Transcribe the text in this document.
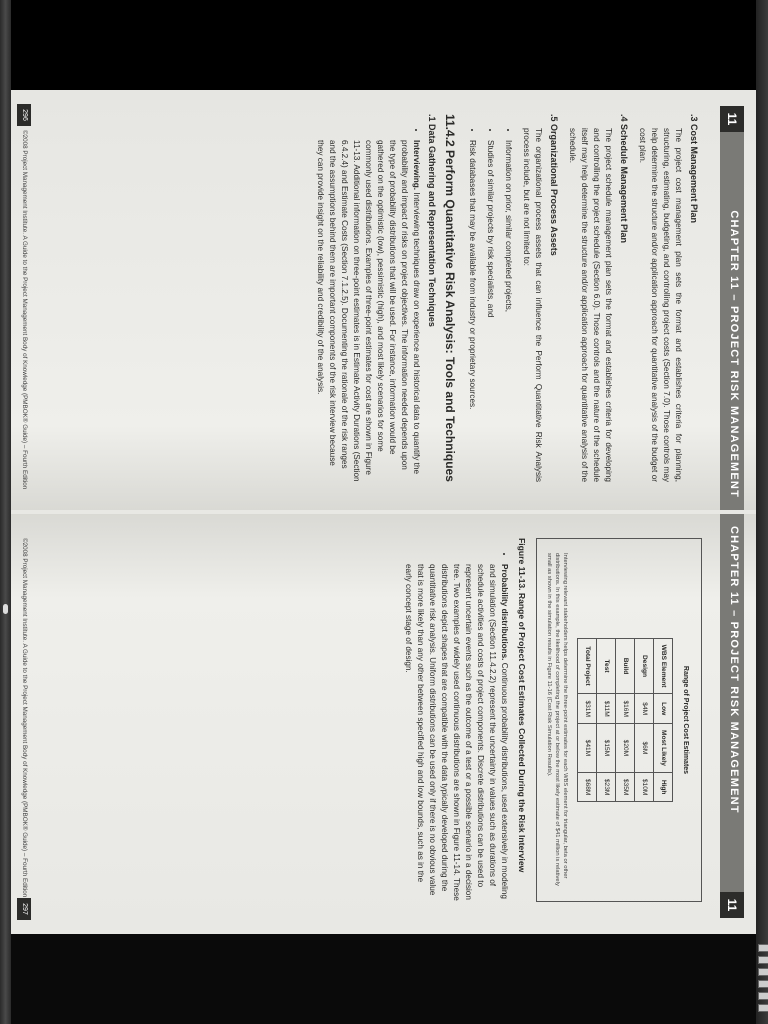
11
CHAPTER 11 – PROJECT RISK MANAGEMENT
.3 Cost Management Plan

The project cost management plan sets the format and establishes criteria for planning, structuring, estimating, budgeting, and controlling project costs (Section 7.0). Those controls may help determine the structure and/or application approach for quantitative analysis of the budget or cost plan.

.4 Schedule Management Plan

The project schedule management plan sets the format and establishes criteria for developing and controlling the project schedule (Section 6.0). Those controls and the nature of the schedule itself may help determine the structure and/or application approach for quantitative analysis of the schedule.

.5 Organizational Process Assets

The organizational process assets that can influence the Perform Quantitative Risk Analysis process include, but are not limited to:

• Information on prior, similar completed projects,
• Studies of similar projects by risk specialists, and
• Risk databases that may be available from industry or proprietary sources.
11.4.2 Perform Quantitative Risk Analysis: Tools and Techniques
.1 Data Gathering and Representation Techniques
• Interviewing. Interviewing techniques draw on experience and historical data to quantify the probability and impact of risks on project objectives. The information needed depends upon the type of probability distributions that will be used. For instance, information would be gathered on the optimistic (low), pessimistic (high), and most likely scenarios for some commonly used distributions. Examples of three-point estimates for cost are shown in Figure 11-13. Additional information on three-point estimates is in Estimate Activity Durations (Section 6.4.2.4) and Estimate Costs (Section 7.1.2.5). Documenting the rationale of the risk ranges and the assumptions behind them are important components of the risk interview because they can provide insight on the reliability and credibility of the analysis.
296
©2008 Project Management Institute. A Guide to the Project Management Body of Knowledge (PMBOK® Guide) – Fourth Edition
CHAPTER 11 – PROJECT RISK MANAGEMENT
11
Range of Project Cost Estimates
WBS Element	Low	Most Likely	High
Design	$4M	$6M	$10M
Build	$16M	$20M	$35M
Test	$11M	$15M	$23M
Total Project	$31M	$41M	$68M
Interviewing relevant stakeholders helps determine the three-point estimates for each WBS element for triangular, beta or other distributions. In this example, the likelihood of completing the project at or below the most likely estimate of $41 million is relatively small as shown in the simulation results in Figure 11-16 (Cost Risk Simulation Results).
Figure 11-13. Range of Project Cost Estimates Collected During the Risk Interview
• Probability distributions. Continuous probability distributions, used extensively in modeling and simulation (Section 11.4.2.2) represent the uncertainty in values such as durations of schedule activities and costs of project components. Discrete distributions can be used to represent uncertain events such as the outcome of a test or a possible scenario in a decision tree. Two examples of widely used continuous distributions are shown in Figure 11-14. These distributions depict shapes that are compatible with the data typically developed during the quantitative risk analysis. Uniform distributions can be used only if there is no obvious value that is more likely than any other between specified high and low bounds, such as in the early concept stage of design.
©2008 Project Management Institute. A Guide to the Project Management Body of Knowledge (PMBOK® Guide) – Fourth Edition
297
